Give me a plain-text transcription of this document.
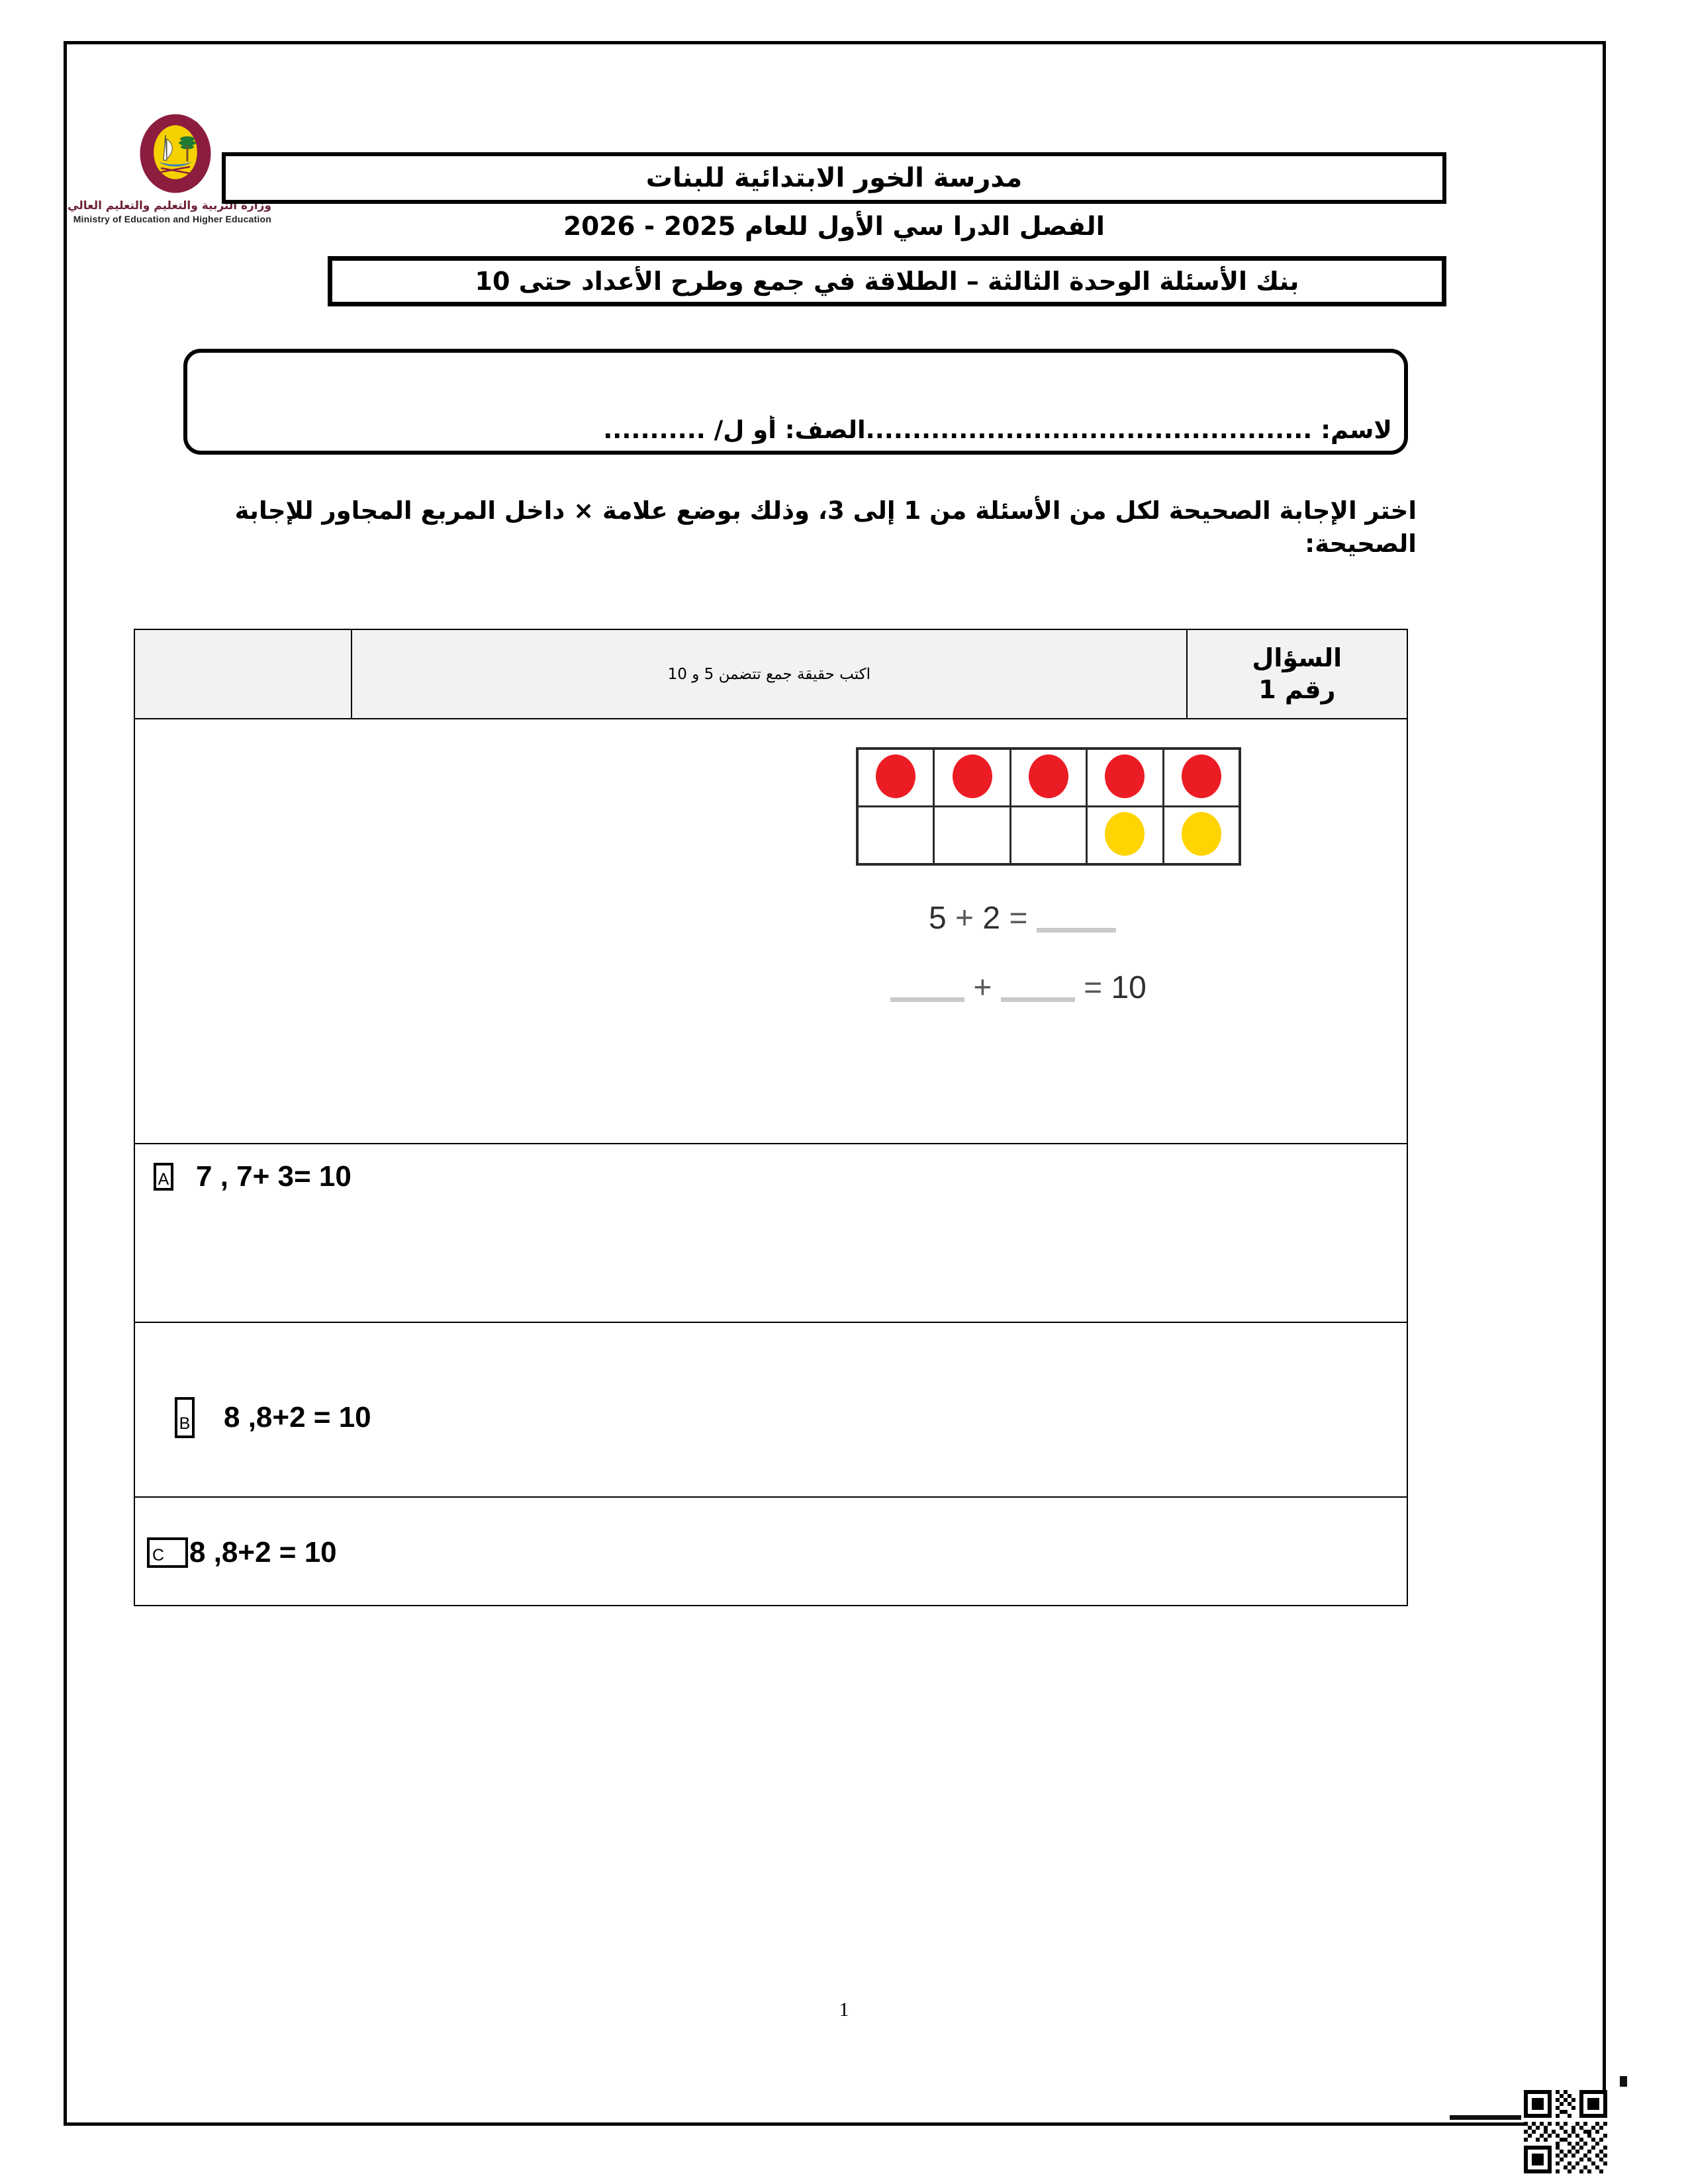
دولة قطر
وزارة التربية والتعليم والتعليم العالي
Ministry of Education and Higher Education
مدرسة الخور الابتدائية للبنات
الفصل الدرا سي الأول للعام 2025 - 2026
بنك الأسئلة الوحدة الثالثة – الطلاقة في جمع وطرح الأعداد حتى 10
لاسم: ................................................الصف: أو ل/ ...........
اختر الإجابة الصحيحة لكل من الأسئلة من 1 إلى 3، وذلك بوضع علامة × داخل المربع المجاور للإجابة الصحيحة:
السؤال
رقم 1
	اكتب حقيقة جمع تتضمن 5 و 10	

5 + 2 =
+	= 10

A 7 , 7+ 3= 10

B 8 ,8+2 = 10

C 8 ,8+2 = 10
1
